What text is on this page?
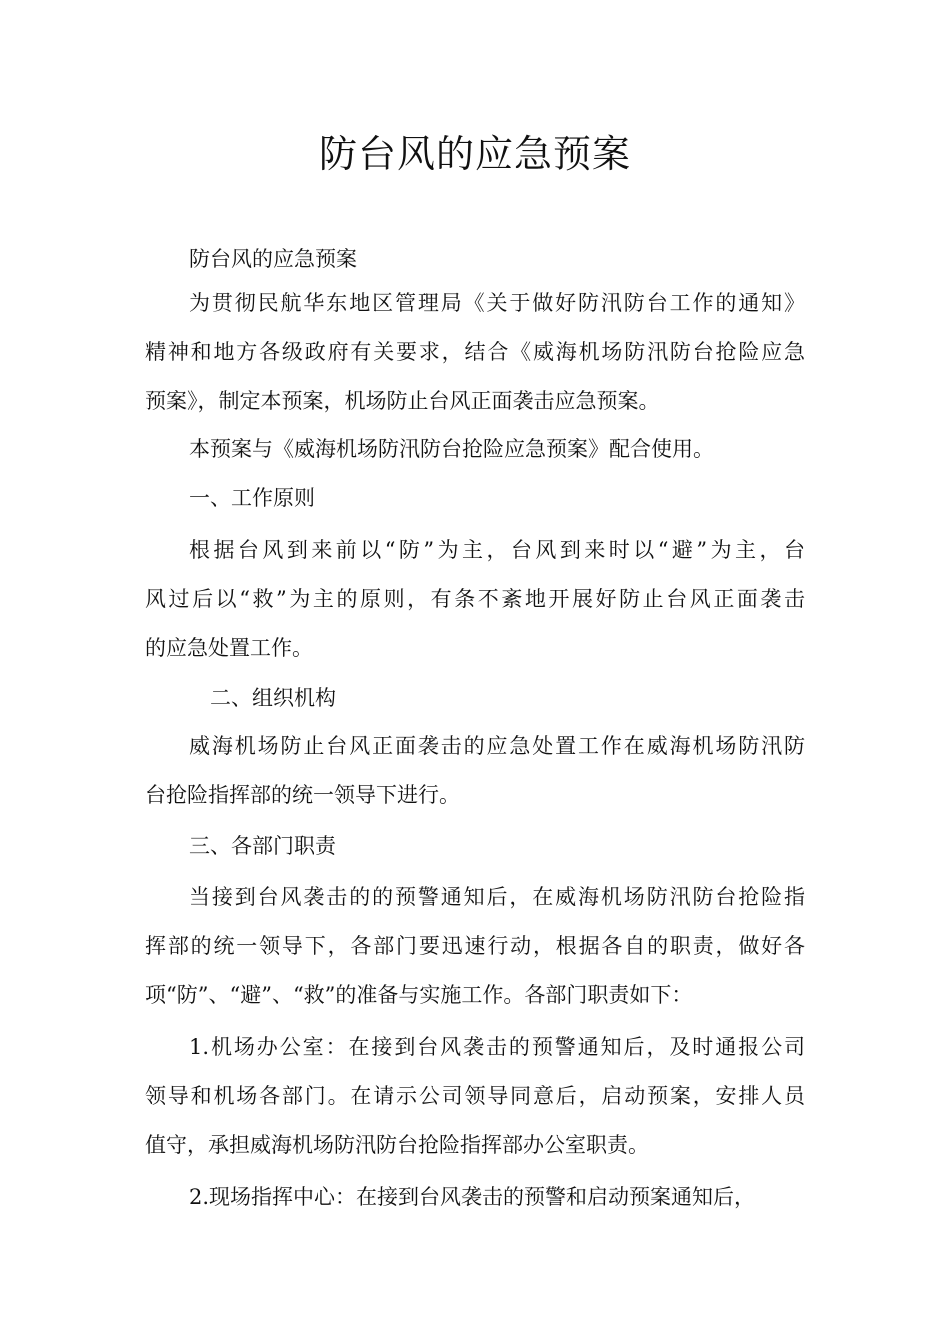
防台风的应急预案
防台风的应急预案
为贯彻民航华东地区管理局《关于做好防汛防台工作的通知》
精神和地方各级政府有关要求，结合《威海机场防汛防台抢险应急
预案》，制定本预案，机场防止台风正面袭击应急预案。
本预案与《威海机场防汛防台抢险应急预案》配合使用。
一、工作原则
根据台风到来前以“防”为主，台风到来时以“避”为主，台
风过后以“救”为主的原则，有条不紊地开展好防止台风正面袭击
的应急处置工作。
二、组织机构
威海机场防止台风正面袭击的应急处置工作在威海机场防汛防
台抢险指挥部的统一领导下进行。
三、各部门职责
当接到台风袭击的的预警通知后，在威海机场防汛防台抢险指
挥部的统一领导下，各部门要迅速行动，根据各自的职责，做好各
项“防”、“避”、“救”的准备与实施工作。各部门职责如下：
1.机场办公室：在接到台风袭击的预警通知后，及时通报公司
领导和机场各部门。在请示公司领导同意后，启动预案，安排人员
值守，承担威海机场防汛防台抢险指挥部办公室职责。
2.现场指挥中心：在接到台风袭击的预警和启动预案通知后，
